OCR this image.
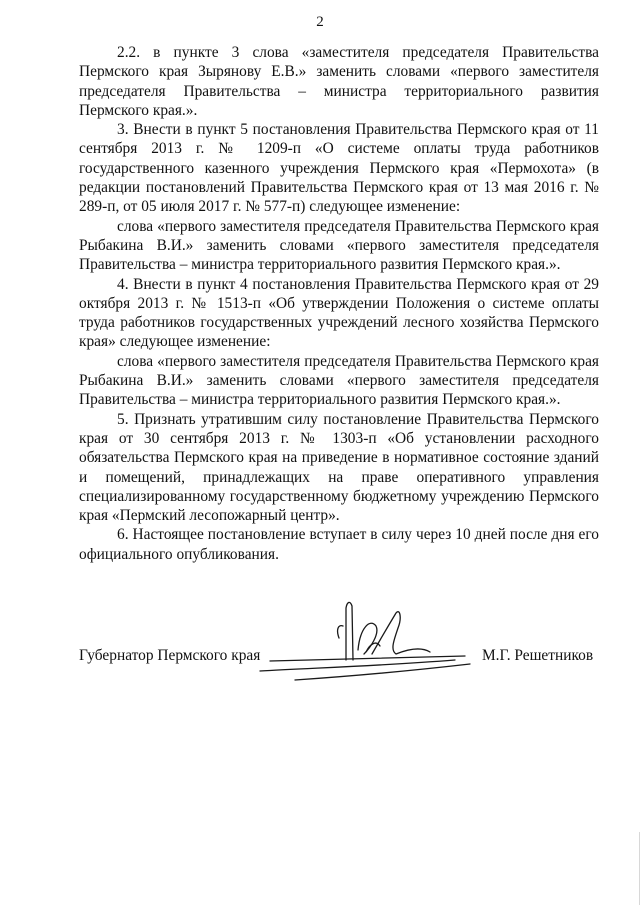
2

2.2. в пункте 3 слова «заместителя председателя Правительства Пермского края Зырянову Е.В.» заменить словами «первого заместителя председателя Правительства – министра территориального развития Пермского края.».

3. Внести в пункт 5 постановления Правительства Пермского края от 11 сентября 2013 г. № 1209-п «О системе оплаты труда работников государственного казенного учреждения Пермского края «Пермохота» (в редакции постановлений Правительства Пермского края от 13 мая 2016 г. № 289-п, от 05 июля 2017 г. № 577-п) следующее изменение:

слова «первого заместителя председателя Правительства Пермского края Рыбакина В.И.» заменить словами «первого заместителя председателя Правительства – министра территориального развития Пермского края.».

4. Внести в пункт 4 постановления Правительства Пермского края от 29 октября 2013 г. № 1513-п «Об утверждении Положения о системе оплаты труда работников государственных учреждений лесного хозяйства Пермского края» следующее изменение:

слова «первого заместителя председателя Правительства Пермского края Рыбакина В.И.» заменить словами «первого заместителя председателя Правительства – министра территориального развития Пермского края.».

5. Признать утратившим силу постановление Правительства Пермского края от 30 сентября 2013 г. № 1303-п «Об установлении расходного обязательства Пермского края на приведение в нормативное состояние зданий и помещений, принадлежащих на праве оперативного управления специализированному государственному бюджетному учреждению Пермского края «Пермский лесопожарный центр».

6. Настоящее постановление вступает в силу через 10 дней после дня его официального опубликования.

Губернатор Пермского края	М.Г. Решетников
